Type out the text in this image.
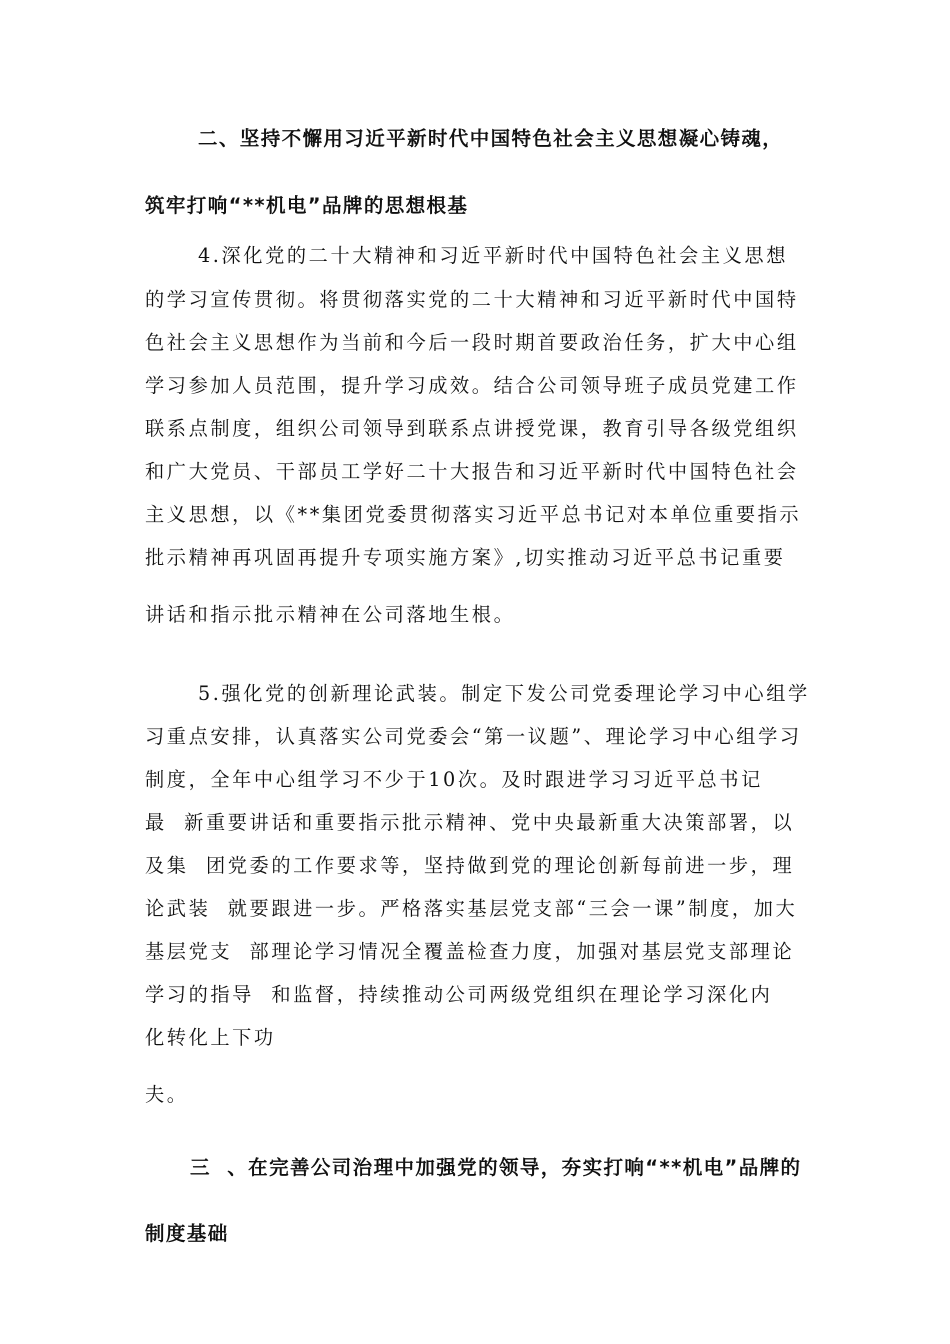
二、坚持不懈用习近平新时代中国特色社会主义思想凝心铸魂，
筑牢打响“**机电”品牌的思想根基
4.深化党的二十大精神和习近平新时代中国特色社会主义思想
的学习宣传贯彻。将贯彻落实党的二十大精神和习近平新时代中国特
色社会主义思想作为当前和今后一段时期首要政治任务，扩大中心组
学习参加人员范围，提升学习成效。结合公司领导班子成员党建工作
联系点制度，组织公司领导到联系点讲授党课，教育引导各级党组织
和广大党员、干部员工学好二十大报告和习近平新时代中国特色社会
主义思想，以《**集团党委贯彻落实习近平总书记对本单位重要指示
批示精神再巩固再提升专项实施方案》,切实推动习近平总书记重要
讲话和指示批示精神在公司落地生根。
5.强化党的创新理论武装。制定下发公司党委理论学习中心组学
习重点安排，认真落实公司党委会“第一议题”、理论学习中心组学习
制度，全年中心组学习不少于10次。及时跟进学习习近平总书记
最  新重要讲话和重要指示批示精神、党中央最新重大决策部署，以
及集  团党委的工作要求等，坚持做到党的理论创新每前进一步，理
论武装  就要跟进一步。严格落实基层党支部“三会一课”制度，加大
基层党支  部理论学习情况全覆盖检查力度，加强对基层党支部理论
学习的指导  和监督，持续推动公司两级党组织在理论学习深化内
化转化上下功
夫。
三  、在完善公司治理中加强党的领导，夯实打响“**机电”品牌的
制度基础
